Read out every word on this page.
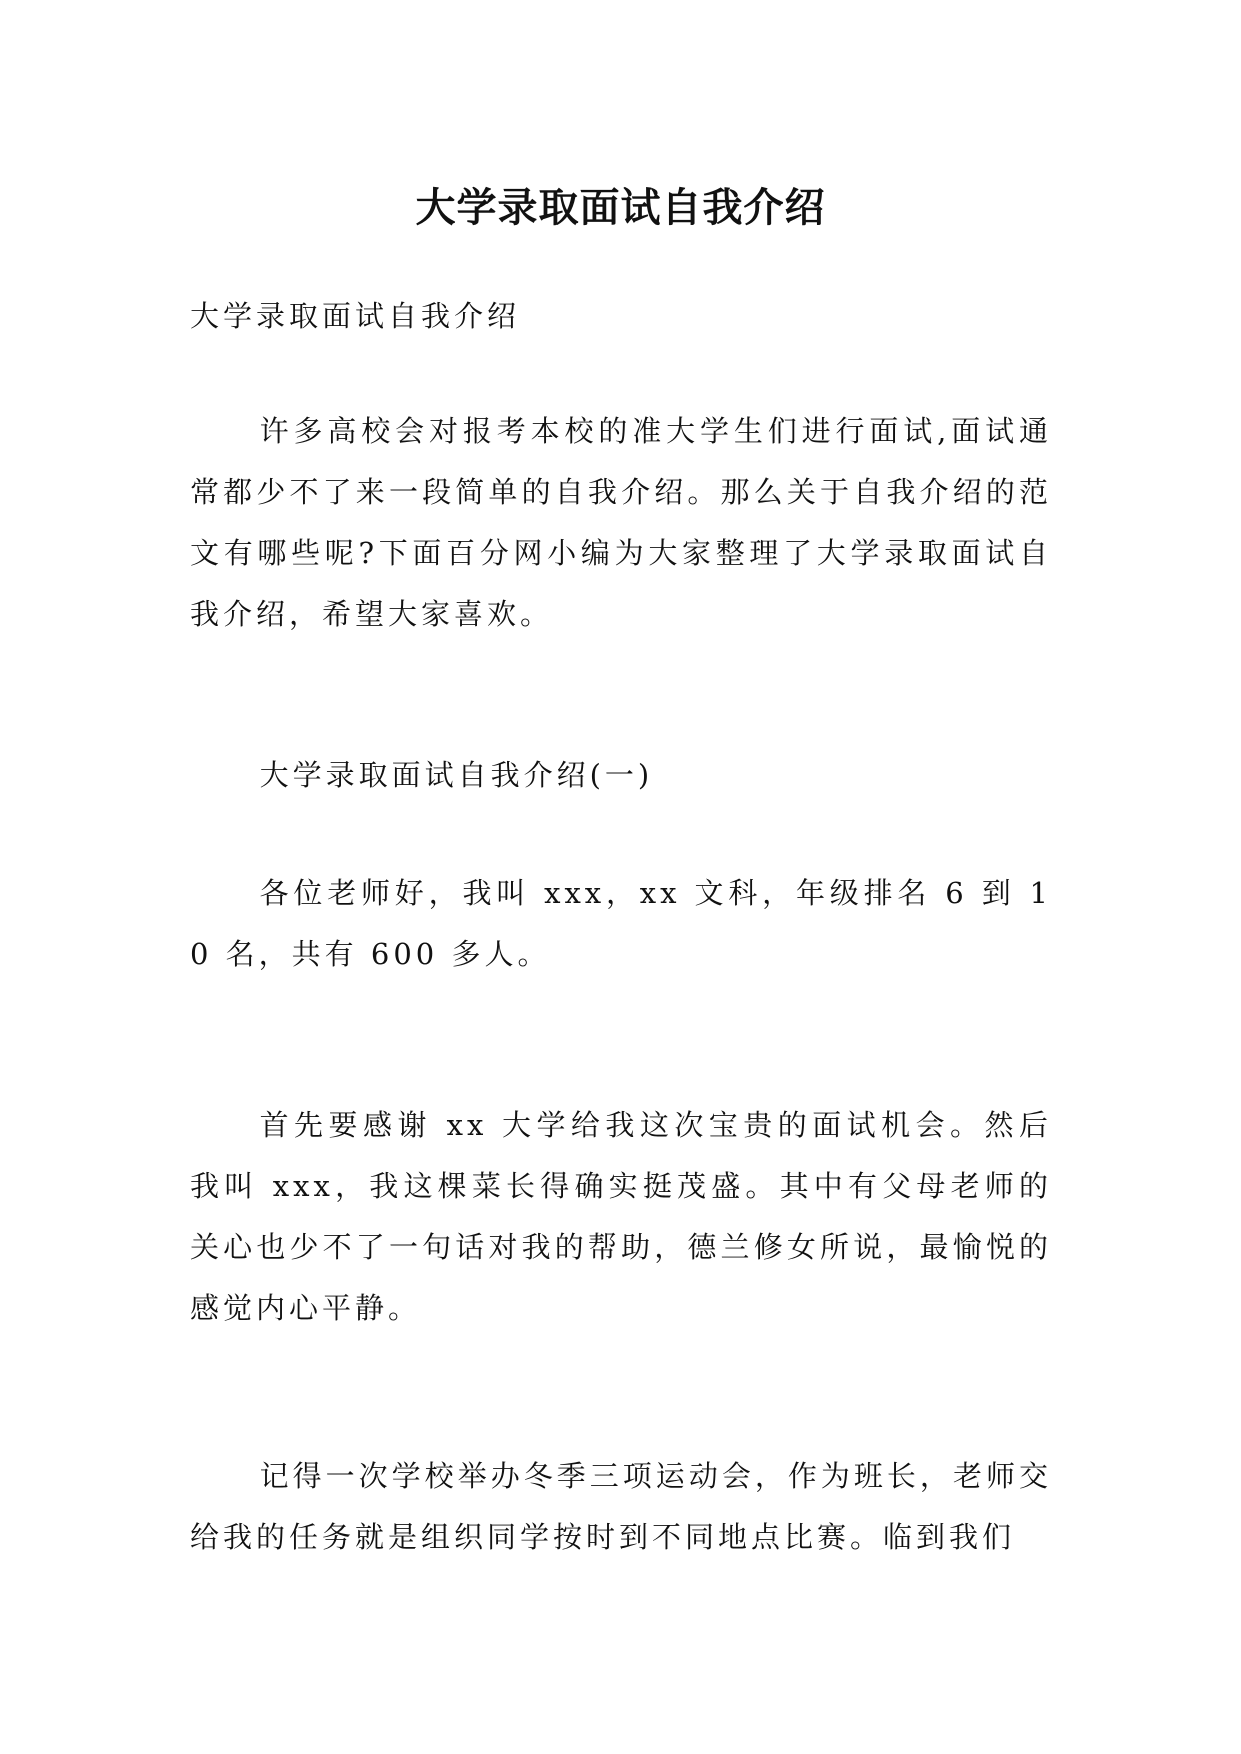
大学录取面试自我介绍

大学录取面试自我介绍

许多高校会对报考本校的准大学生们进行面试,面试通常都少不了来一段简单的自我介绍。那么关于自我介绍的范文有哪些呢?下面百分网小编为大家整理了大学录取面试自我介绍，希望大家喜欢。

大学录取面试自我介绍(一)

各位老师好，我叫 xxx，xx 文科，年级排名 6 到 10 名，共有 600 多人。

首先要感谢 xx 大学给我这次宝贵的面试机会。然后我叫 xxx，我这棵菜长得确实挺茂盛。其中有父母老师的关心也少不了一句话对我的帮助，德兰修女所说，最愉悦的感觉内心平静。

记得一次学校举办冬季三项运动会，作为班长，老师交给我的任务就是组织同学按时到不同地点比赛。临到我们
